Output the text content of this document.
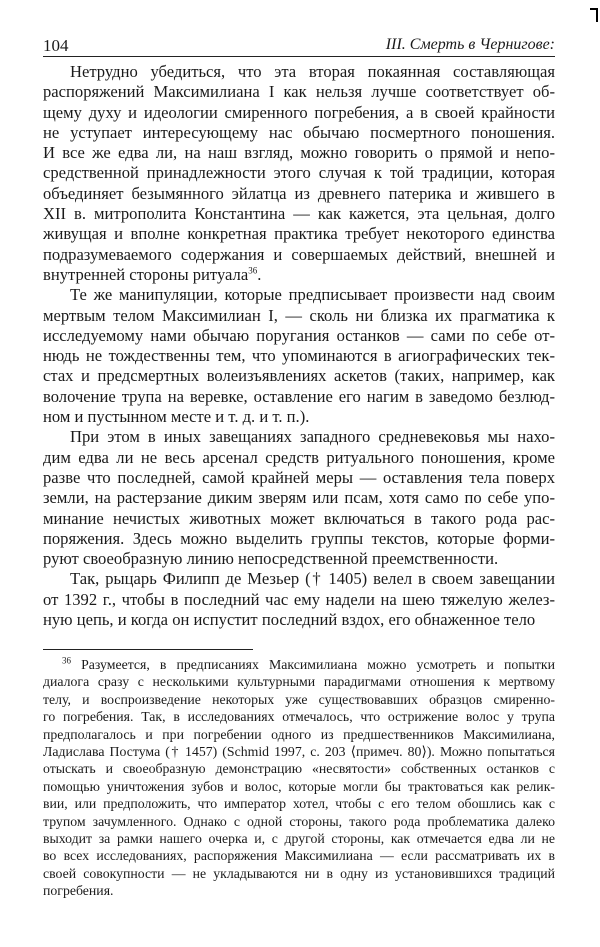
104	III. Смерть в Чернигове:
Нетрудно убедиться, что эта вторая покаянная составляющая
распоряжений Максимилиана I как нельзя лучше соответствует об-
щему духу и идеологии смиренного погребения, а в своей крайности
не уступает интересующему нас обычаю посмертного поношения.
И все же едва ли, на наш взгляд, можно говорить о прямой и непо-
средственной принадлежности этого случая к той традиции, которая
объединяет безымянного эйлатца из древнего патерика и жившего в
XII в. митрополита Константина — как кажется, эта цельная, долго
живущая и вполне конкретная практика требует некоторого единства
подразумеваемого содержания и совершаемых действий, внешней и
внутренней стороны ритуала$^{36}$.
Те же манипуляции, которые предписывает произвести над своим
мертвым телом Максимилиан I, — сколь ни близка их прагматика к
исследуемому нами обычаю поругания останков — сами по себе от-
нюдь не тождественны тем, что упоминаются в агиографических тек-
стах и предсмертных волеизъявлениях аскетов (таких, например, как
волочение трупа на веревке, оставление его нагим в заведомо безлюд-
ном и пустынном месте и т. д. и т. п.).
При этом в иных завещаниях западного средневековья мы нахо-
дим едва ли не весь арсенал средств ритуального поношения, кроме
разве что последней, самой крайней меры — оставления тела поверх
земли, на растерзание диким зверям или псам, хотя само по себе упо-
минание нечистых животных может включаться в такого рода рас-
поряжения. Здесь можно выделить группы текстов, которые форми-
руют своеобразную линию непосредственной преемственности.
Так, рыцарь Филипп де Мезьер († 1405) велел в своем завещании
от 1392 г., чтобы в последний час ему надели на шею тяжелую желез-
ную цепь, и когда он испустит последний вздох, его обнаженное тело
$^{36}$ Разумеется, в предписаниях Максимилиана можно усмотреть и попытки
диалога сразу с несколькими культурными парадигмами отношения к мертвому
телу, и воспроизведение некоторых уже существовавших образцов смиренно-
го погребения. Так, в исследованиях отмечалось, что острижение волос у трупа
предполагалось и при погребении одного из предшественников Максимилиана,
Ладислава Постума († 1457) (Schmid 1997, с. 203 ⟨примеч. 80⟩). Можно попытаться
отыскать и своеобразную демонстрацию «несвятости» собственных останков с
помощью уничтожения зубов и волос, которые могли бы трактоваться как релик-
вии, или предположить, что император хотел, чтобы с его телом обошлись как с
трупом зачумленного. Однако с одной стороны, такого рода проблематика далеко
выходит за рамки нашего очерка и, с другой стороны, как отмечается едва ли не
во всех исследованиях, распоряжения Максимилиана — если рассматривать их в
своей совокупности — не укладываются ни в одну из установившихся традиций
погребения.
